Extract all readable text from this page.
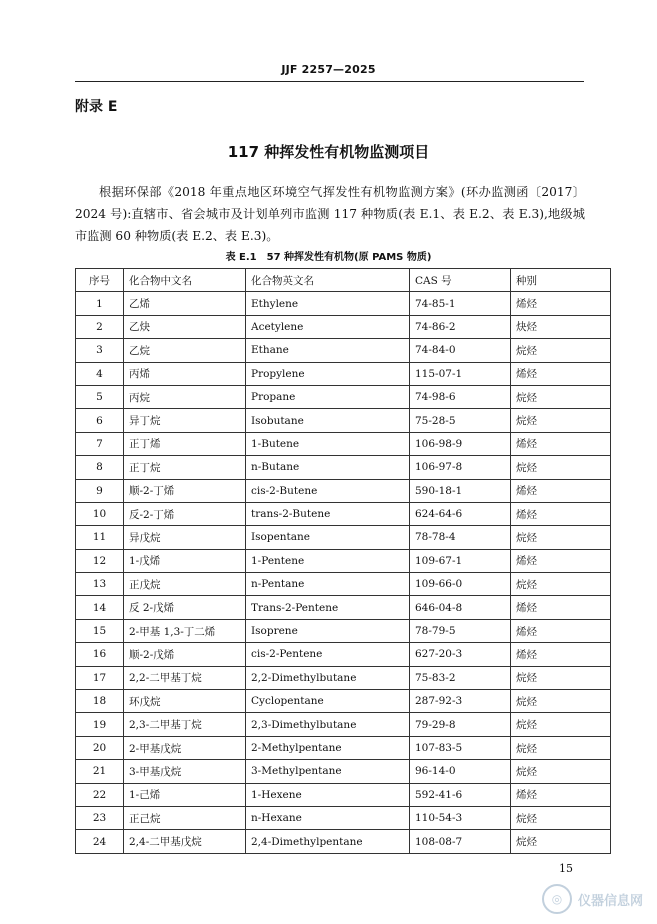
JJF 2257—2025
附录 E
117 种挥发性有机物监测项目

根据环保部《2018 年重点地区环境空气挥发性有机物监测方案》(环办监测函〔2017〕2024 号):直辖市、省会城市及计划单列市监测 117 种物质(表 E.1、表 E.2、表 E.3),地级城市监测 60 种物质(表 E.2、表 E.3)。

表 E.1　57 种挥发性有机物(原 PAMS 物质)
序号	化合物中文名	化合物英文名	CAS 号	种别
1	乙烯	Ethylene	74-85-1	烯烃
2	乙炔	Acetylene	74-86-2	炔烃
3	乙烷	Ethane	74-84-0	烷烃
4	丙烯	Propylene	115-07-1	烯烃
5	丙烷	Propane	74-98-6	烷烃
6	异丁烷	Isobutane	75-28-5	烷烃
7	正丁烯	1-Butene	106-98-9	烯烃
8	正丁烷	n-Butane	106-97-8	烷烃
9	顺-2-丁烯	cis-2-Butene	590-18-1	烯烃
10	反-2-丁烯	trans-2-Butene	624-64-6	烯烃
11	异戊烷	Isopentane	78-78-4	烷烃
12	1-戊烯	1-Pentene	109-67-1	烯烃
13	正戊烷	n-Pentane	109-66-0	烷烃
14	反 2-戊烯	Trans-2-Pentene	646-04-8	烯烃
15	2-甲基 1,3-丁二烯	Isoprene	78-79-5	烯烃
16	顺-2-戊烯	cis-2-Pentene	627-20-3	烯烃
17	2,2-二甲基丁烷	2,2-Dimethylbutane	75-83-2	烷烃
18	环戊烷	Cyclopentane	287-92-3	烷烃
19	2,3-二甲基丁烷	2,3-Dimethylbutane	79-29-8	烷烃
20	2-甲基戊烷	2-Methylpentane	107-83-5	烷烃
21	3-甲基戊烷	3-Methylpentane	96-14-0	烷烃
22	1-己烯	1-Hexene	592-41-6	烯烃
23	正己烷	n-Hexane	110-54-3	烷烃
24	2,4-二甲基戊烷	2,4-Dimethylpentane	108-08-7	烷烃
15
◎	仪器信息网
